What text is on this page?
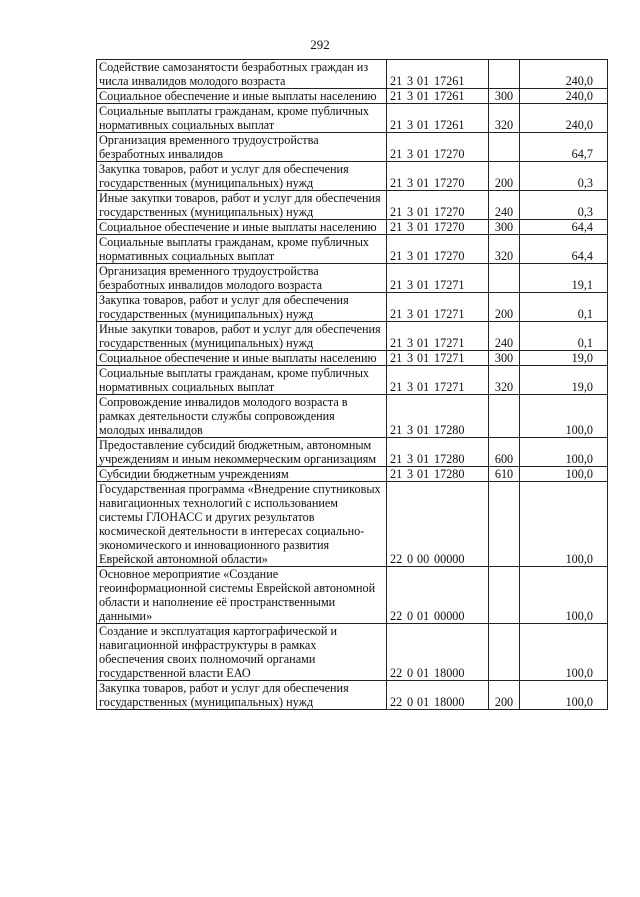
292
Содействие самозанятости безработных граждан из числа инвалидов молодого возраста	21 3 01 17261		240,0
Социальное обеспечение и иные выплаты населению	21 3 01 17261	300	240,0
Социальные выплаты гражданам, кроме публичных нормативных социальных выплат	21 3 01 17261	320	240,0
Организация временного трудоустройства безработных инвалидов	21 3 01 17270		64,7
Закупка товаров, работ и услуг для обеспечения государственных (муниципальных) нужд	21 3 01 17270	200	0,3
Иные закупки товаров, работ и услуг для обеспечения государственных (муниципальных) нужд	21 3 01 17270	240	0,3
Социальное обеспечение и иные выплаты населению	21 3 01 17270	300	64,4
Социальные выплаты гражданам, кроме публичных нормативных социальных выплат	21 3 01 17270	320	64,4
Организация временного трудоустройства безработных инвалидов молодого возраста	21 3 01 17271		19,1
Закупка товаров, работ и услуг для обеспечения государственных (муниципальных) нужд	21 3 01 17271	200	0,1
Иные закупки товаров, работ и услуг для обеспечения государственных (муниципальных) нужд	21 3 01 17271	240	0,1
Социальное обеспечение и иные выплаты населению	21 3 01 17271	300	19,0
Социальные выплаты гражданам, кроме публичных нормативных социальных выплат	21 3 01 17271	320	19,0
Сопровождение инвалидов молодого возраста в рамках деятельности службы сопровождения молодых инвалидов	21 3 01 17280		100,0
Предоставление субсидий бюджетным, автономным учреждениям и иным некоммерческим организациям	21 3 01 17280	600	100,0
Субсидии бюджетным учреждениям	21 3 01 17280	610	100,0
Государственная программа «Внедрение спутниковых навигационных технологий с использованием системы ГЛОНАСС и других результатов космической деятельности в интересах социально-экономического и инновационного развития Еврейской автономной области»	22 0 00 00000		100,0
Основное мероприятие «Создание геоинформационной системы Еврейской автономной области и наполнение её пространственными данными»	22 0 01 00000		100,0
Создание и эксплуатация картографической и навигационной инфраструктуры в рамках обеспечения своих полномочий органами государственной власти ЕАО	22 0 01 18000		100,0
Закупка товаров, работ и услуг для обеспечения государственных (муниципальных) нужд	22 0 01 18000	200	100,0
